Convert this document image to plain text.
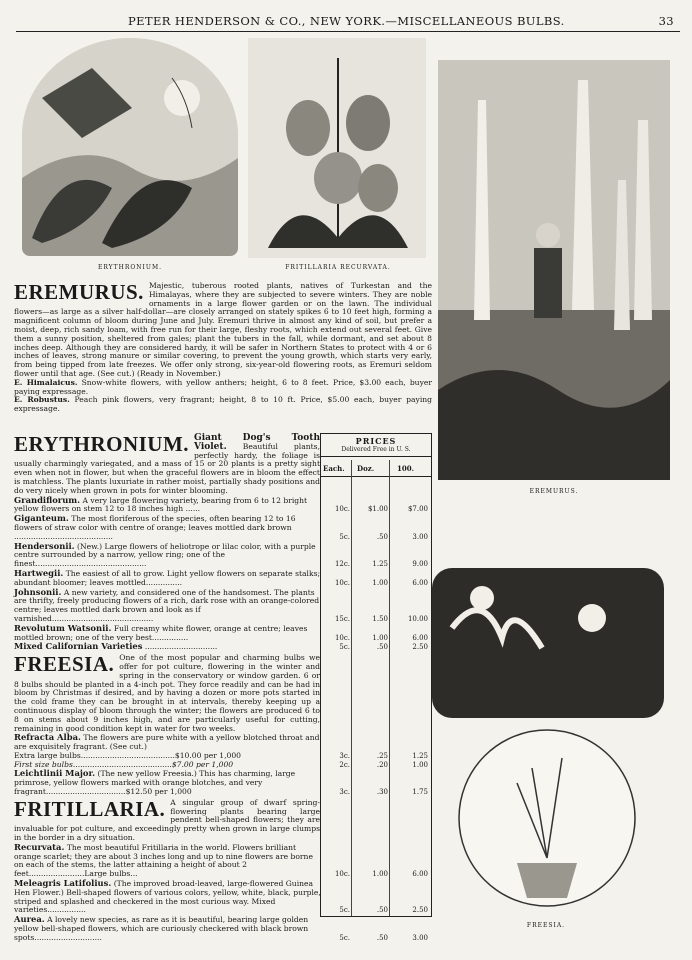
PETER HENDERSON & CO., NEW YORK.—MISCELLANEOUS BULBS.	33
ERYTHRONIUM.	FRITILLARIA RECURVATA.
EREMURUS.
FREESIA.

EREMURUS. Majestic, tuberous rooted plants, natives of Turkestan and the Himalayas, where they are subjected to severe winters. They are noble ornaments in a large flower garden or on the lawn. The individual flowers—as large as a silver half-dollar—are closely arranged on stately spikes 6 to 10 feet high, forming a magnificent column of bloom during June and July. Eremuri thrive in almost any kind of soil, but prefer a moist, deep, rich sandy loam, with free run for their large, fleshy roots, which extend out several feet. Give them a sunny position, sheltered from gales; plant the tubers in the fall, while dormant, and set about 8 inches deep. Although they are considered hardy, it will be safer in Northern States to protect with 4 or 6 inches of leaves, strong manure or similar covering, to prevent the young growth, which starts very early, from being tipped from late freezes. We offer only strong, six-year-old flowering roots, as Eremuri seldom flower until that age. (See cut.) (Ready in November.)

E. Himalaicus. Snow-white flowers, with yellow anthers; height, 6 to 8 feet. Price, $3.00 each, buyer paying expressage.

E. Robustus. Peach pink flowers, very fragrant; height, 8 to 10 ft. Price, $5.00 each, buyer paying expressage.

PRICES
Delivered Free in U. S.
Each. Doz.	100.

ERYTHRONIUM. Giant Dog's Tooth Violet. Beautiful plants, perfectly hardy, the foliage is usually charmingly variegated, and a mass of 15 or 20 plants is a pretty sight even when not in flower, but when the graceful flowers are in bloom the effect is matchless. The plants luxuriate in rather moist, partially shady positions and do very nicely when grown in pots for winter blooming.

Grandiflorum. A very large flowering variety, bearing from 6 to 12 bright yellow flowers on stem 12 to 18 inches high ......	10c.	$1.00	$7.00

Giganteum. The most floriferous of the species, often bearing 12 to 16 flowers of straw color with centre of orange; leaves mottled dark brown .........................................	5c.	.50	3.00

Hendersonii. (New.) Large flowers of heliotrope or lilac color, with a purple centre surrounded by a narrow, yellow ring; one of the finest..............................................	12c.	1.25	9.00

Hartwegii. The easiest of all to grow. Light yellow flowers on separate stalks; abundant bloomer; leaves mottled...............	10c.	1.00	6.00

Johnsonii. A new variety, and considered one of the handsomest. The plants are thrifty, freely producing flowers of a rich, dark rose with an orange-colored centre; leaves mottled dark brown and look as if varnished..........................................	15c.	1.50	10.00

Revolutum Watsonii. Full creamy white flower, orange at centre; leaves mottled brown; one of the very best...............	10c.	1.00	6.00

Mixed Californian Varieties ..............................	5c.	.50	2.50

FREESIA. One of the most popular and charming bulbs we offer for pot culture, flowering in the winter and spring in the conservatory or window garden. 6 or 8 bulbs should be planted in a 4-inch pot. They force readily and can be had in bloom by Christmas if desired, and by having a dozen or more pots started in the cold frame they can be brought in at intervals, thereby keeping up a continuous display of bloom through the winter; the flowers are produced 6 to 8 on stems about 9 inches high, and are particularly useful for cutting, remaining in good condition kept in water for two weeks.

Refracta Alba. The flowers are pure white with a yellow blotched throat and are exquisitely fragrant. (See cut.)

Extra large bulbs.......................................$10.00 per 1,000	3c.	.25	1.25

First size bulbs.........................................$7.00 per 1,000	2c.	.20	1.00

Leichtlinii Major. (The new yellow Freesia.) This has charming, large primrose, yellow flowers marked with orange blotches, and very fragrant.................................$12.50 per 1,000	3c.	.30	1.75

FRITILLARIA. A singular group of dwarf spring-flowering plants bearing large pendent bell-shaped flowers; they are invaluable for pot culture, and exceedingly pretty when grown in large clumps in the border in a dry situation.

Recurvata. The most beautiful Fritillaria in the world. Flowers brilliant orange scarlet; they are about 3 inches long and up to nine flowers are borne on each of the stems, the latter attaining a height of about 2 feet.......................Large bulbs...	10c.	1.00	6.00

Meleagris Latifolius. (The improved broad-leaved, large-flowered Guinea Hen Flower.) Bell-shaped flowers of various colors, yellow, white, black, purple, striped and splashed and checkered in the most curious way. Mixed varieties................	5c.	.50	2.50

Aurea. A lovely new species, as rare as it is beautiful, bearing large golden yellow bell-shaped flowers, which are curiously checkered with black brown spots............................	5c.	.50	3.00
